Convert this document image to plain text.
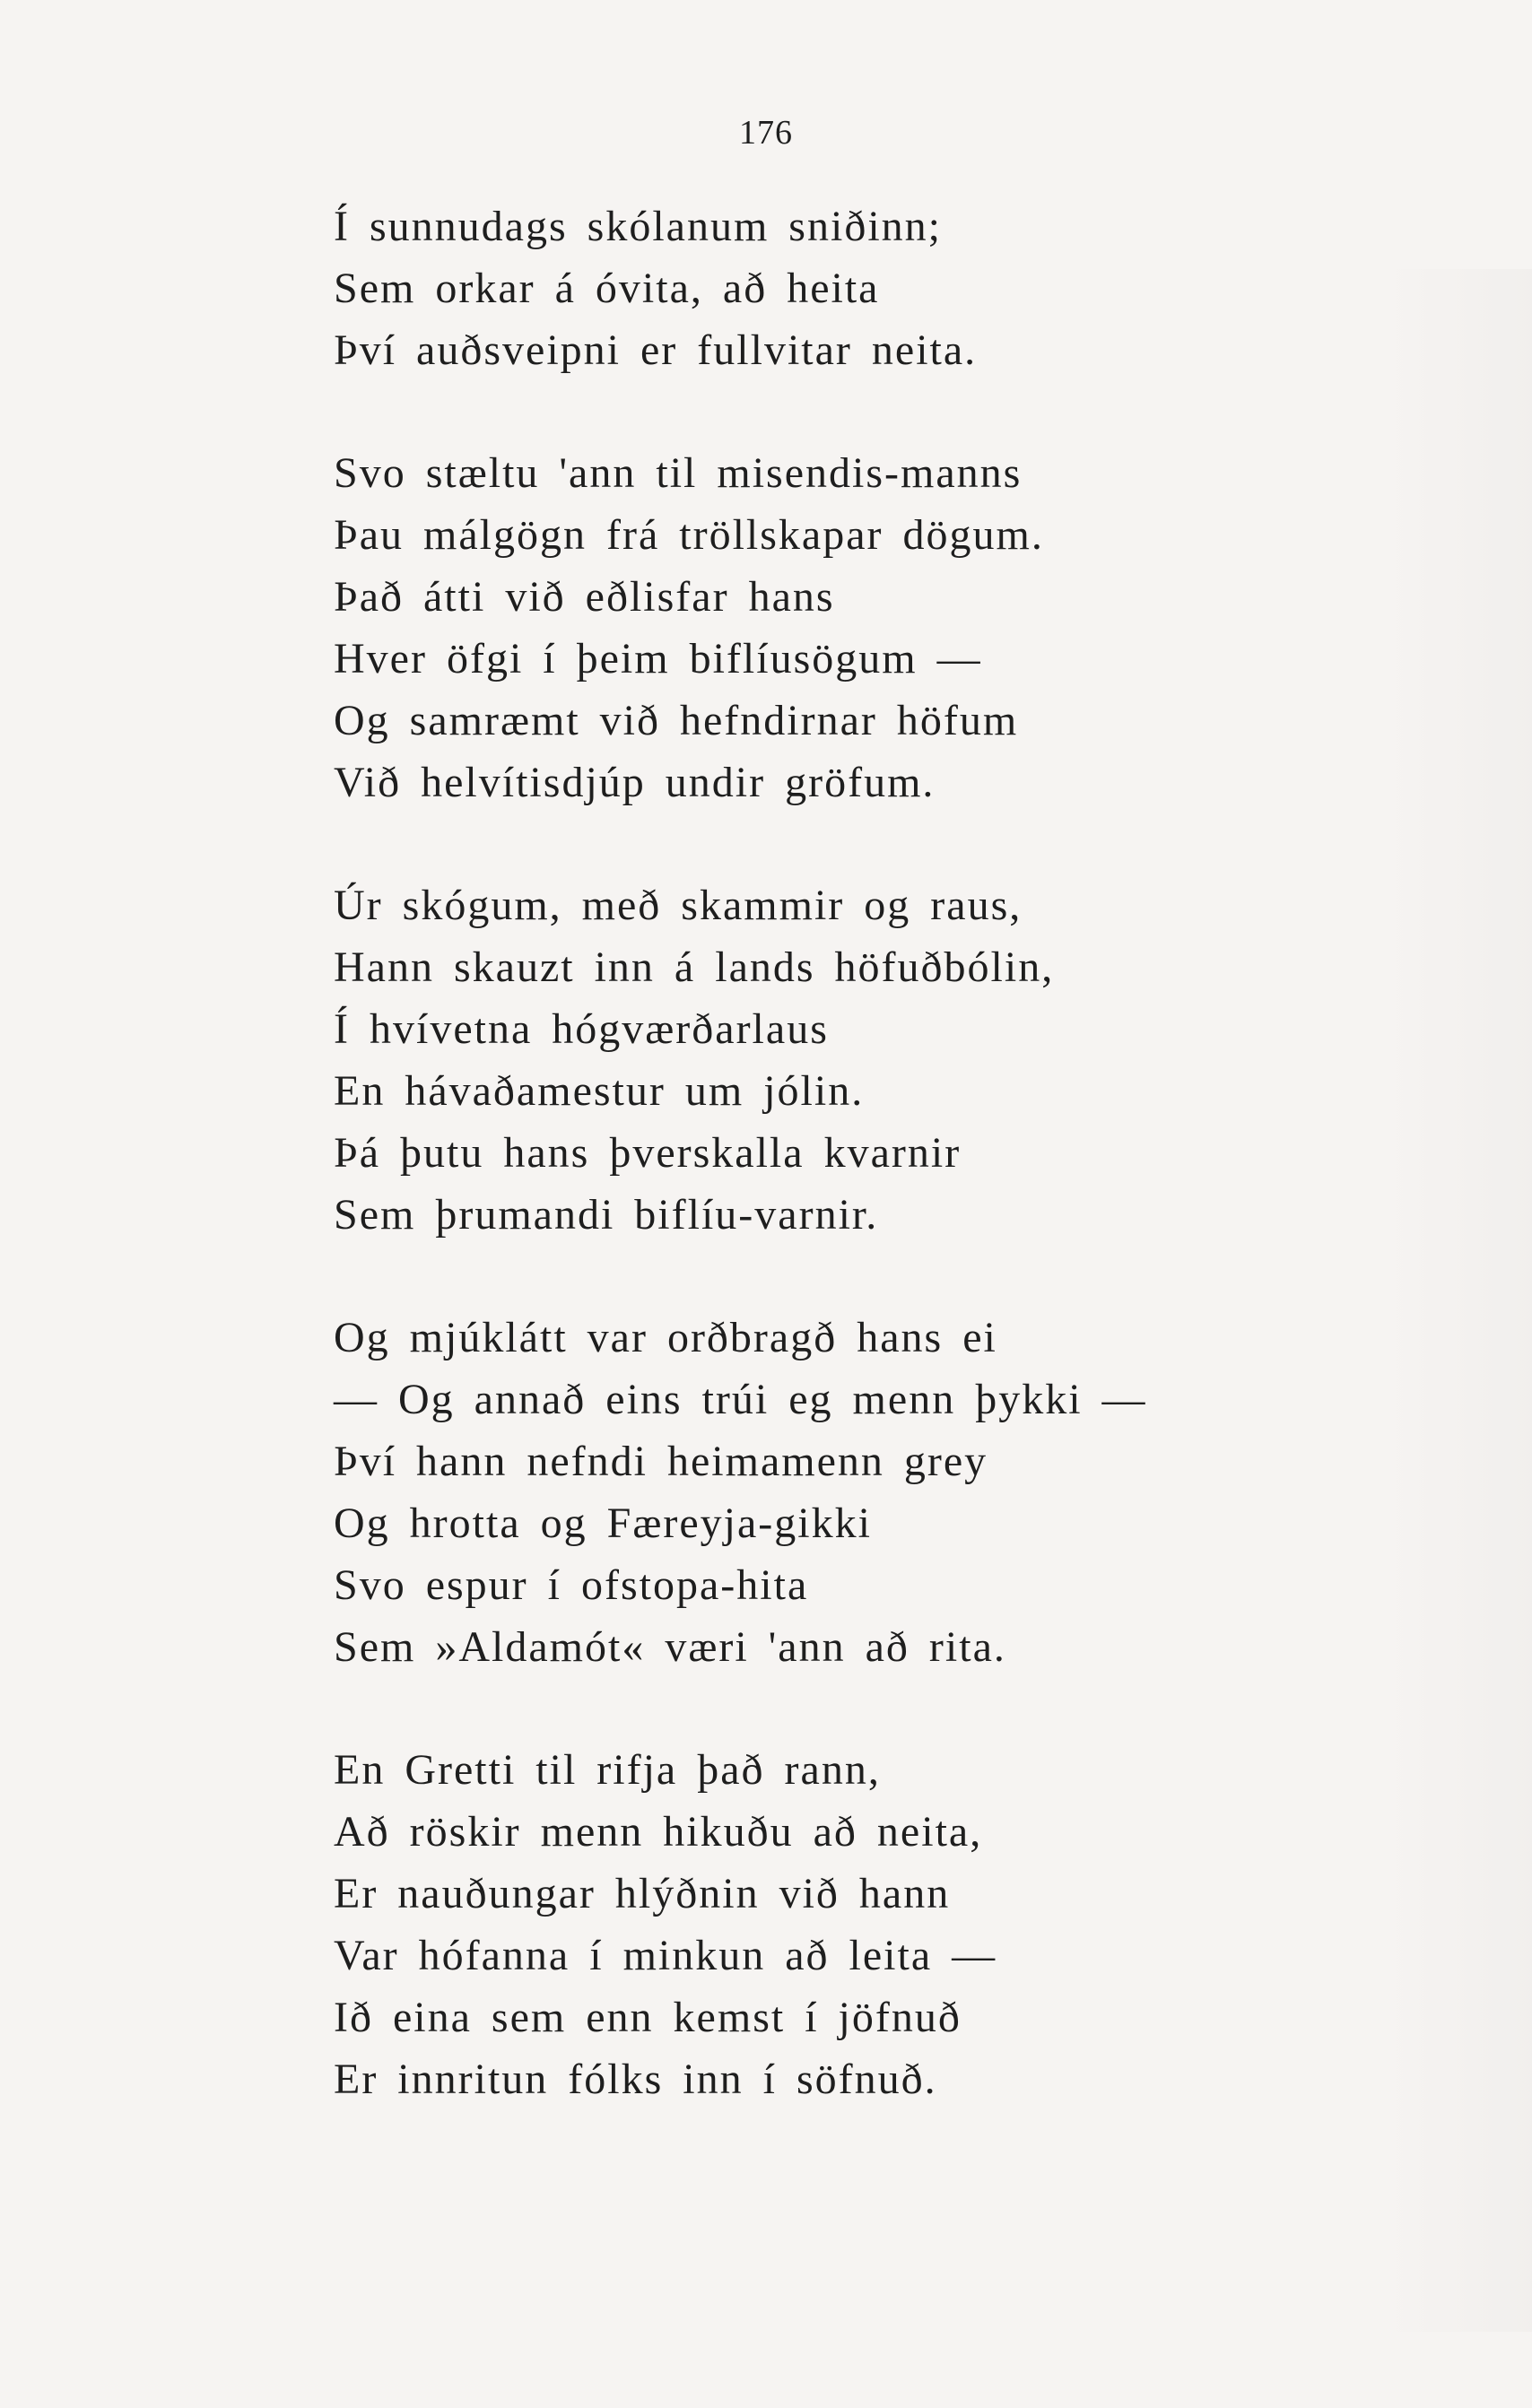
176
Í sunnudags skólanum sniðinn;
Sem orkar á óvita, að heita
Því auðsveipni er fullvitar neita.
Svo stæltu 'ann til misendis-manns
Þau málgögn frá tröllskapar dögum.
Það átti við eðlisfar hans
Hver öfgi í þeim biflíusögum —
Og samræmt við hefndirnar höfum
Við helvítisdjúp undir gröfum.
Úr skógum, með skammir og raus,
Hann skauzt inn á lands höfuðbólin,
Í hvívetna hógværðarlaus
En hávaðamestur um jólin.
Þá þutu hans þverskalla kvarnir
Sem þrumandi biflíu-varnir.
Og mjúklátt var orðbragð hans ei
— Og annað eins trúi eg menn þykki —
Því hann nefndi heimamenn grey
Og hrotta og Færeyja-gikki
Svo espur í ofstopa-hita
Sem »Aldamót« væri 'ann að rita.
En Gretti til rifja það rann,
Að röskir menn hikuðu að neita,
Er nauðungar hlýðnin við hann
Var hófanna í minkun að leita —
Ið eina sem enn kemst í jöfnuð
Er innritun fólks inn í söfnuð.
